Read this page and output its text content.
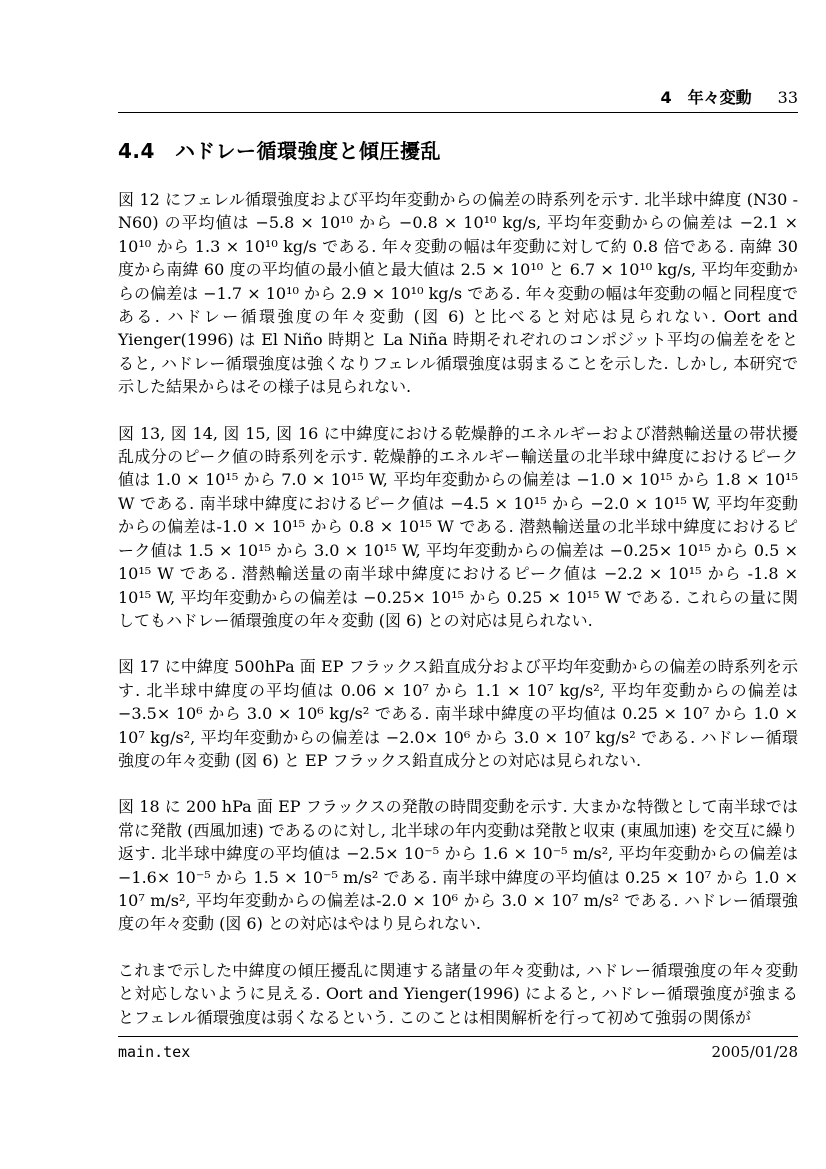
4　年々変動 33
4.4 ハドレー循環強度と傾圧擾乱

図 12 にフェレル循環強度および平均年変動からの偏差の時系列を示す. 北半球中緯度 (N30 - N60) の平均値は −5.8 × 10¹⁰ から −0.8 × 10¹⁰ kg/s, 平均年変動からの偏差は −2.1 × 10¹⁰ から 1.3 × 10¹⁰ kg/s である. 年々変動の幅は年変動に対して約 0.8 倍である. 南緯 30 度から南緯 60 度の平均値の最小値と最大値は 2.5 × 10¹⁰ と 6.7 × 10¹⁰ kg/s, 平均年変動からの偏差は −1.7 × 10¹⁰ から 2.9 × 10¹⁰ kg/s である. 年々変動の幅は年変動の幅と同程度である. ハドレー循環強度の年々変動 (図 6) と比べると対応は見られない. Oort and Yienger(1996) は El Niño 時期と La Niña 時期それぞれのコンポジット平均の偏差ををとると, ハドレー循環強度は強くなりフェレル循環強度は弱まることを示した. しかし, 本研究で示した結果からはその様子は見られない.

図 13, 図 14, 図 15, 図 16 に中緯度における乾燥静的エネルギーおよび潜熱輸送量の帯状擾乱成分のピーク値の時系列を示す. 乾燥静的エネルギー輸送量の北半球中緯度におけるピーク値は 1.0 × 10¹⁵ から 7.0 × 10¹⁵ W, 平均年変動からの偏差は −1.0 × 10¹⁵ から 1.8 × 10¹⁵ W である. 南半球中緯度におけるピーク値は −4.5 × 10¹⁵ から −2.0 × 10¹⁵ W, 平均年変動からの偏差は-1.0 × 10¹⁵ から 0.8 × 10¹⁵ W である. 潜熱輸送量の北半球中緯度におけるピーク値は 1.5 × 10¹⁵ から 3.0 × 10¹⁵ W, 平均年変動からの偏差は −0.25× 10¹⁵ から 0.5 × 10¹⁵ W である. 潜熱輸送量の南半球中緯度におけるピーク値は −2.2 × 10¹⁵ から -1.8 × 10¹⁵ W, 平均年変動からの偏差は −0.25× 10¹⁵ から 0.25 × 10¹⁵ W である. これらの量に関してもハドレー循環強度の年々変動 (図 6) との対応は見られない.

図 17 に中緯度 500hPa 面 EP フラックス鉛直成分および平均年変動からの偏差の時系列を示す. 北半球中緯度の平均値は 0.06 × 10⁷ から 1.1 × 10⁷ kg/s², 平均年変動からの偏差は −3.5× 10⁶ から 3.0 × 10⁶ kg/s² である. 南半球中緯度の平均値は 0.25 × 10⁷ から 1.0 × 10⁷ kg/s², 平均年変動からの偏差は −2.0× 10⁶ から 3.0 × 10⁷ kg/s² である. ハドレー循環強度の年々変動 (図 6) と EP フラックス鉛直成分との対応は見られない.

図 18 に 200 hPa 面 EP フラックスの発散の時間変動を示す. 大まかな特徴として南半球では常に発散 (西風加速) であるのに対し, 北半球の年内変動は発散と収束 (東風加速) を交互に繰り返す. 北半球中緯度の平均値は −2.5× 10⁻⁵ から 1.6 × 10⁻⁵ m/s², 平均年変動からの偏差は −1.6× 10⁻⁵ から 1.5 × 10⁻⁵ m/s² である. 南半球中緯度の平均値は 0.25 × 10⁷ から 1.0 × 10⁷ m/s², 平均年変動からの偏差は-2.0 × 10⁶ から 3.0 × 10⁷ m/s² である. ハドレー循環強度の年々変動 (図 6) との対応はやはり見られない.

これまで示した中緯度の傾圧擾乱に関連する諸量の年々変動は, ハドレー循環強度の年々変動と対応しないように見える. Oort and Yienger(1996) によると, ハドレー循環強度が強まるとフェレル循環強度は弱くなるという. このことは相関解析を行って初めて強弱の関係が

main.tex	2005/01/28
